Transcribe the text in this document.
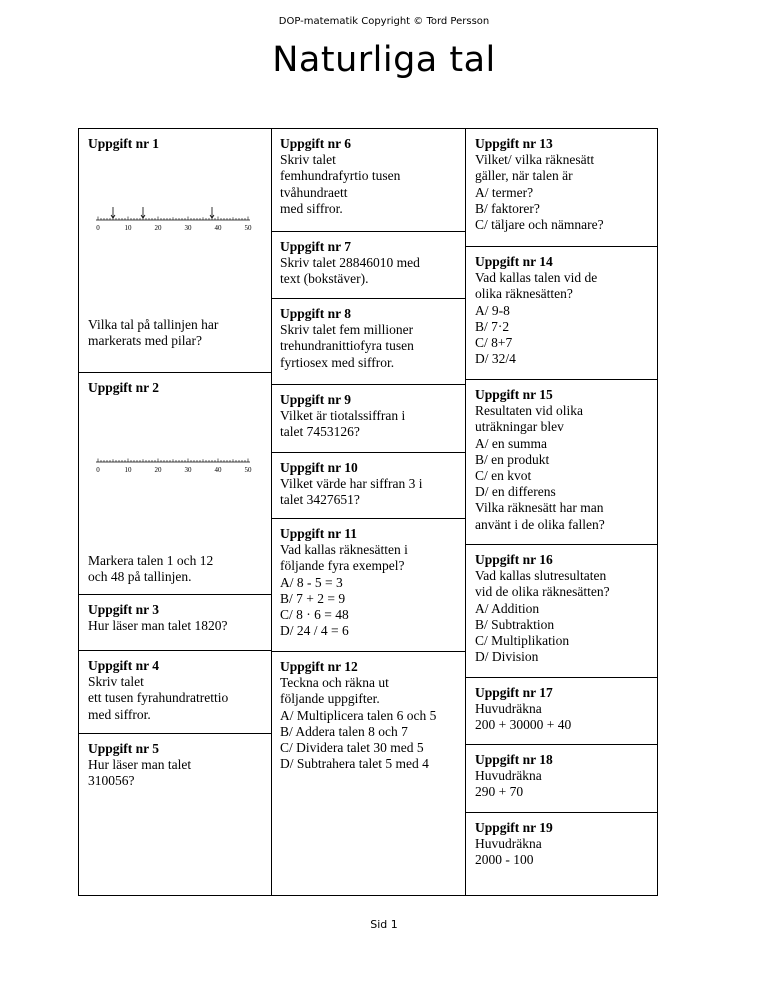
DOP-matematik Copyright © Tord Persson
Naturliga tal
Uppgift nr 1
0	10	20	30	40	50
Vilka tal på tallinjen har
markerats med pilar?
Uppgift nr 2
0	10	20	30	40	50
Markera talen 1 och 12
och 48 på tallinjen.
Uppgift nr 3
Hur läser man talet 1820?
Uppgift nr 4
Skriv talet
ett tusen fyrahundratrettio
med siffror.
Uppgift nr 5
Hur läser man talet
310056?
Uppgift nr 6
Skriv talet
femhundrafyrtio tusen
tvåhundraett
med siffror.
Uppgift nr 7
Skriv talet 28846010 med
text (bokstäver).
Uppgift nr 8
Skriv talet fem millioner
trehundranittiofyra tusen
fyrtiosex med siffror.
Uppgift nr 9
Vilket är tiotalssiffran i
talet 7453126?
Uppgift nr 10
Vilket värde har siffran 3 i
talet 3427651?
Uppgift nr 11
Vad kallas räknesätten i
följande fyra exempel?
A/ 8 - 5 = 3
B/ 7 + 2 = 9
C/ 8 · 6 = 48
D/ 24 / 4 = 6
Uppgift nr 12
Teckna och räkna ut
följande uppgifter.
A/ Multiplicera talen 6 och 5
B/ Addera talen 8 och 7
C/ Dividera talet 30 med 5
D/ Subtrahera talet 5 med 4
Uppgift nr 13
Vilket/ vilka räknesätt
gäller, när talen är
A/ termer?
B/ faktorer?
C/ täljare och nämnare?
Uppgift nr 14
Vad kallas talen vid de
olika räknesätten?
A/ 9-8
B/ 7·2
C/ 8+7
D/ 32/4
Uppgift nr 15
Resultaten vid olika
uträkningar blev
A/ en summa
B/ en produkt
C/ en kvot
D/ en differens
Vilka räknesätt har man
använt i de olika fallen?
Uppgift nr 16
Vad kallas slutresultaten
vid de olika räknesätten?
A/ Addition
B/ Subtraktion
C/ Multiplikation
D/ Division
Uppgift nr 17
Huvudräkna
200 + 30000 + 40
Uppgift nr 18
Huvudräkna
290 + 70
Uppgift nr 19
Huvudräkna
2000 - 100
Sid 1
